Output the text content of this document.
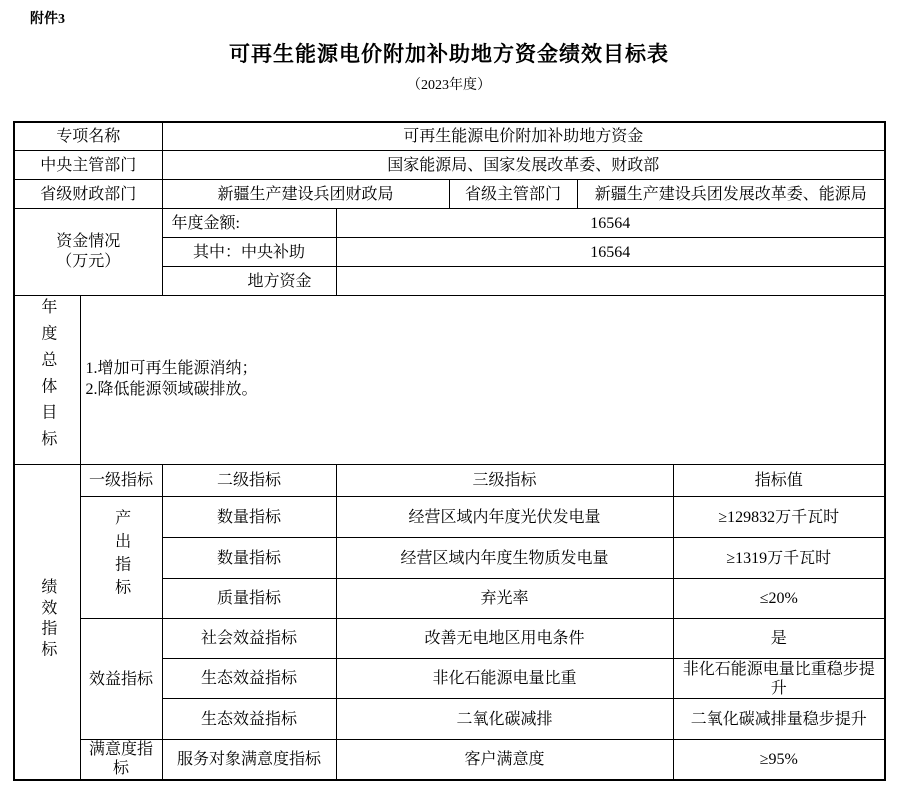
附件3
可再生能源电价附加补助地方资金绩效目标表
（2023年度）
专项名称		可再生能源电价附加补助地方资金				
中央主管部门		国家能源局、国家发展改革委、财政部				
省级财政部门		新疆生产建设兵团财政局		省级主管部门	新疆生产建设兵团发展改革委、能源局	

资金情况
（万元）		年度金额:	16564			
		其中：中央补助	16564			
		地方资金				
年度总体目标	1.增加可再生能源消纳；
2.降低能源领域碳排放。					

绩效指标	一级指标	二级指标	三级指标			指标值
	产出指标	数量指标	经营区域内年度光伏发电量			≥129832万千瓦时
		数量指标	经营区域内年度生物质发电量			≥1319万千瓦时
		质量指标	弃光率			≤20%
	效益指标	社会效益指标	改善无电地区用电条件			是
		生态效益指标	非化石能源电量比重			非化石能源电量比重稳步提升
		生态效益指标	二氧化碳减排			二氧化碳减排量稳步提升
	满意度指标	服务对象满意度指标	客户满意度			≥95%
